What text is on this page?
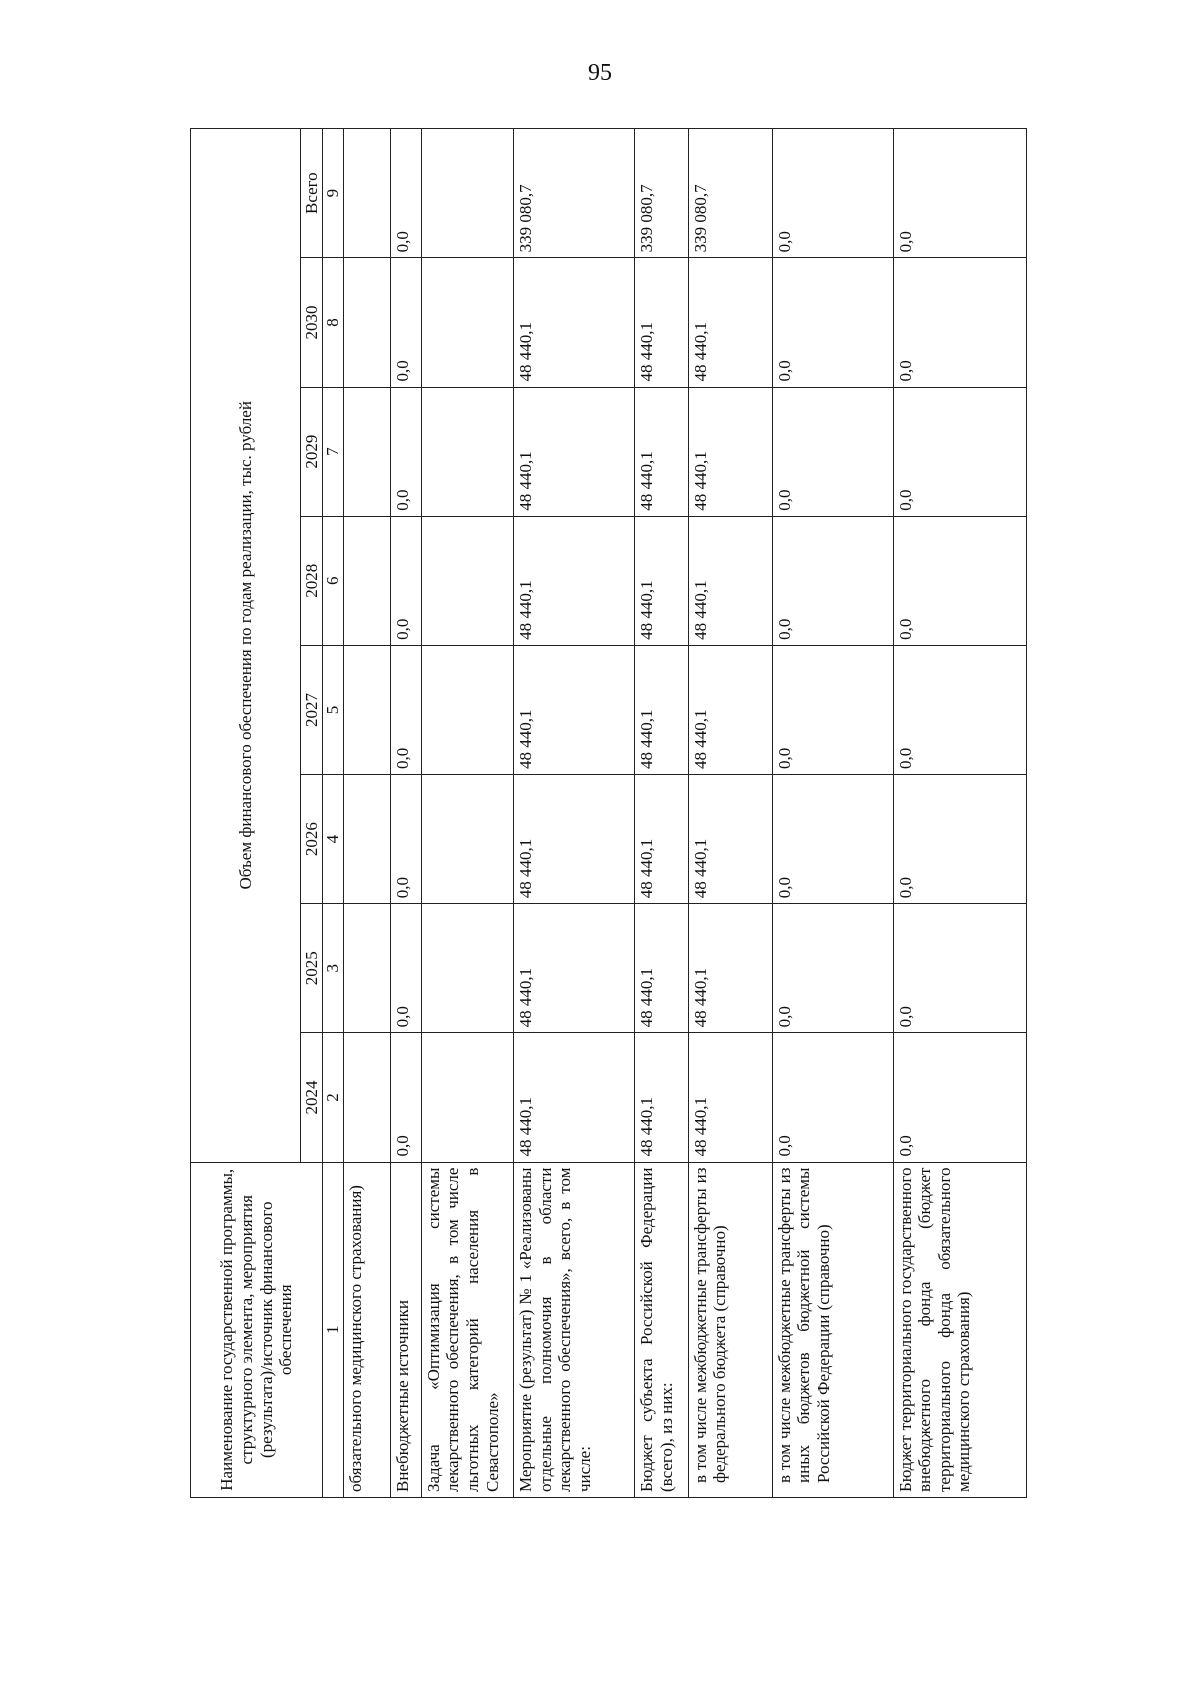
95
Наименование государственной программы, структурного элемента, мероприятия (результата)/источник финансового обеспечения	Объем финансового обеспечения по годам реализации, тыс. рублей							
	2024	2025	2026	2027	2028	2029	2030	Всего
1	2	3	4	5	6	7	8	9
обязательного медицинского страхования)								
Внебюджетные источники	0,0	0,0	0,0	0,0	0,0	0,0	0,0	0,0
Задача «Оптимизация системы лекарственного обеспечения, в том числе льготных категорий населения в Севастополе»								
Мероприятие (результат) № 1 «Реализованы отдельные полномочия в области лекарственного обеспечения», всего, в том числе:	48 440,1	48 440,1	48 440,1	48 440,1	48 440,1	48 440,1	48 440,1	339 080,7
Бюджет субъекта Российской Федерации (всего), из них:	48 440,1	48 440,1	48 440,1	48 440,1	48 440,1	48 440,1	48 440,1	339 080,7
в том числе межбюджетные трансферты из федерального бюджета (справочно)	48 440,1	48 440,1	48 440,1	48 440,1	48 440,1	48 440,1	48 440,1	339 080,7
в том числе межбюджетные трансферты из иных бюджетов бюджетной системы Российской Федерации (справочно)	0,0	0,0	0,0	0,0	0,0	0,0	0,0	0,0
Бюджет территориального государственного внебюджетного фонда (бюджет территориального фонда обязательного медицинского страхования)	0,0	0,0	0,0	0,0	0,0	0,0	0,0	0,0
